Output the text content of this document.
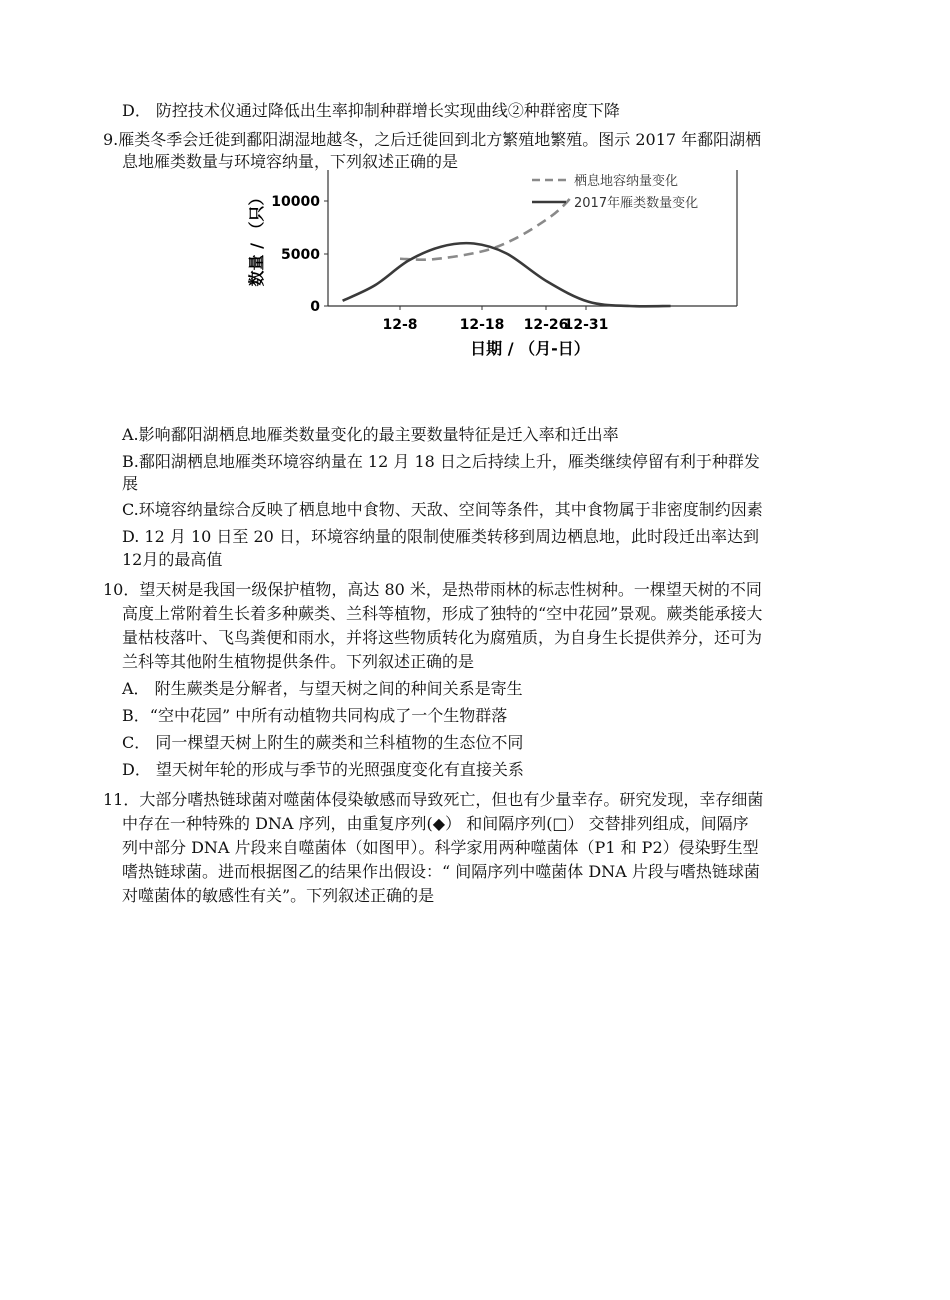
D． 防控技术仪通过降低出生率抑制种群增长实现曲线②种群密度下降
9.雁类冬季会迁徙到鄱阳湖湿地越冬，之后迁徙回到北方繁殖地繁殖。图示 2017 年鄱阳湖栖
息地雁类数量与环境容纳量，下列叙述正确的是
10000
5000
0
12-8	12-18 12-26
12-31
数量 / （只）
日期 / （月-日）
栖息地容纳量变化
2017年雁类数量变化
A.影响鄱阳湖栖息地雁类数量变化的最主要数量特征是迁入率和迁出率
B.鄱阳湖栖息地雁类环境容纳量在 12 月 18 日之后持续上升，雁类继续停留有利于种群发
展
C.环境容纳量综合反映了栖息地中食物、天敌、空间等条件，其中食物属于非密度制约因素
D. 12 月 10 日至 20 日，环境容纳量的限制使雁类转移到周边栖息地，此时段迁出率达到
12月的最高值
10．望天树是我国一级保护植物，高达 80 米，是热带雨林的标志性树种。一棵望天树的不同
高度上常附着生长着多种蕨类、兰科等植物，形成了独特的“空中花园”景观。蕨类能承接大
量枯枝落叶、飞鸟粪便和雨水，并将这些物质转化为腐殖质，为自身生长提供养分，还可为
兰科等其他附生植物提供条件。下列叙述正确的是
A． 附生蕨类是分解者，与望天树之间的种间关系是寄生
B．“空中花园” 中所有动植物共同构成了一个生物群落
C． 同一棵望天树上附生的蕨类和兰科植物的生态位不同
D． 望天树年轮的形成与季节的光照强度变化有直接关系
11．大部分嗜热链球菌对噬菌体侵染敏感而导致死亡，但也有少量幸存。研究发现，幸存细菌
中存在一种特殊的 DNA 序列，由重复序列(◆） 和间隔序列(□） 交替排列组成，间隔序
列中部分 DNA 片段来自噬菌体（如图甲）。科学家用两种噬菌体（P1 和 P2）侵染野生型
嗜热链球菌。进而根据图乙的结果作出假设：“ 间隔序列中噬菌体 DNA 片段与嗜热链球菌
对噬菌体的敏感性有关”。下列叙述正确的是
